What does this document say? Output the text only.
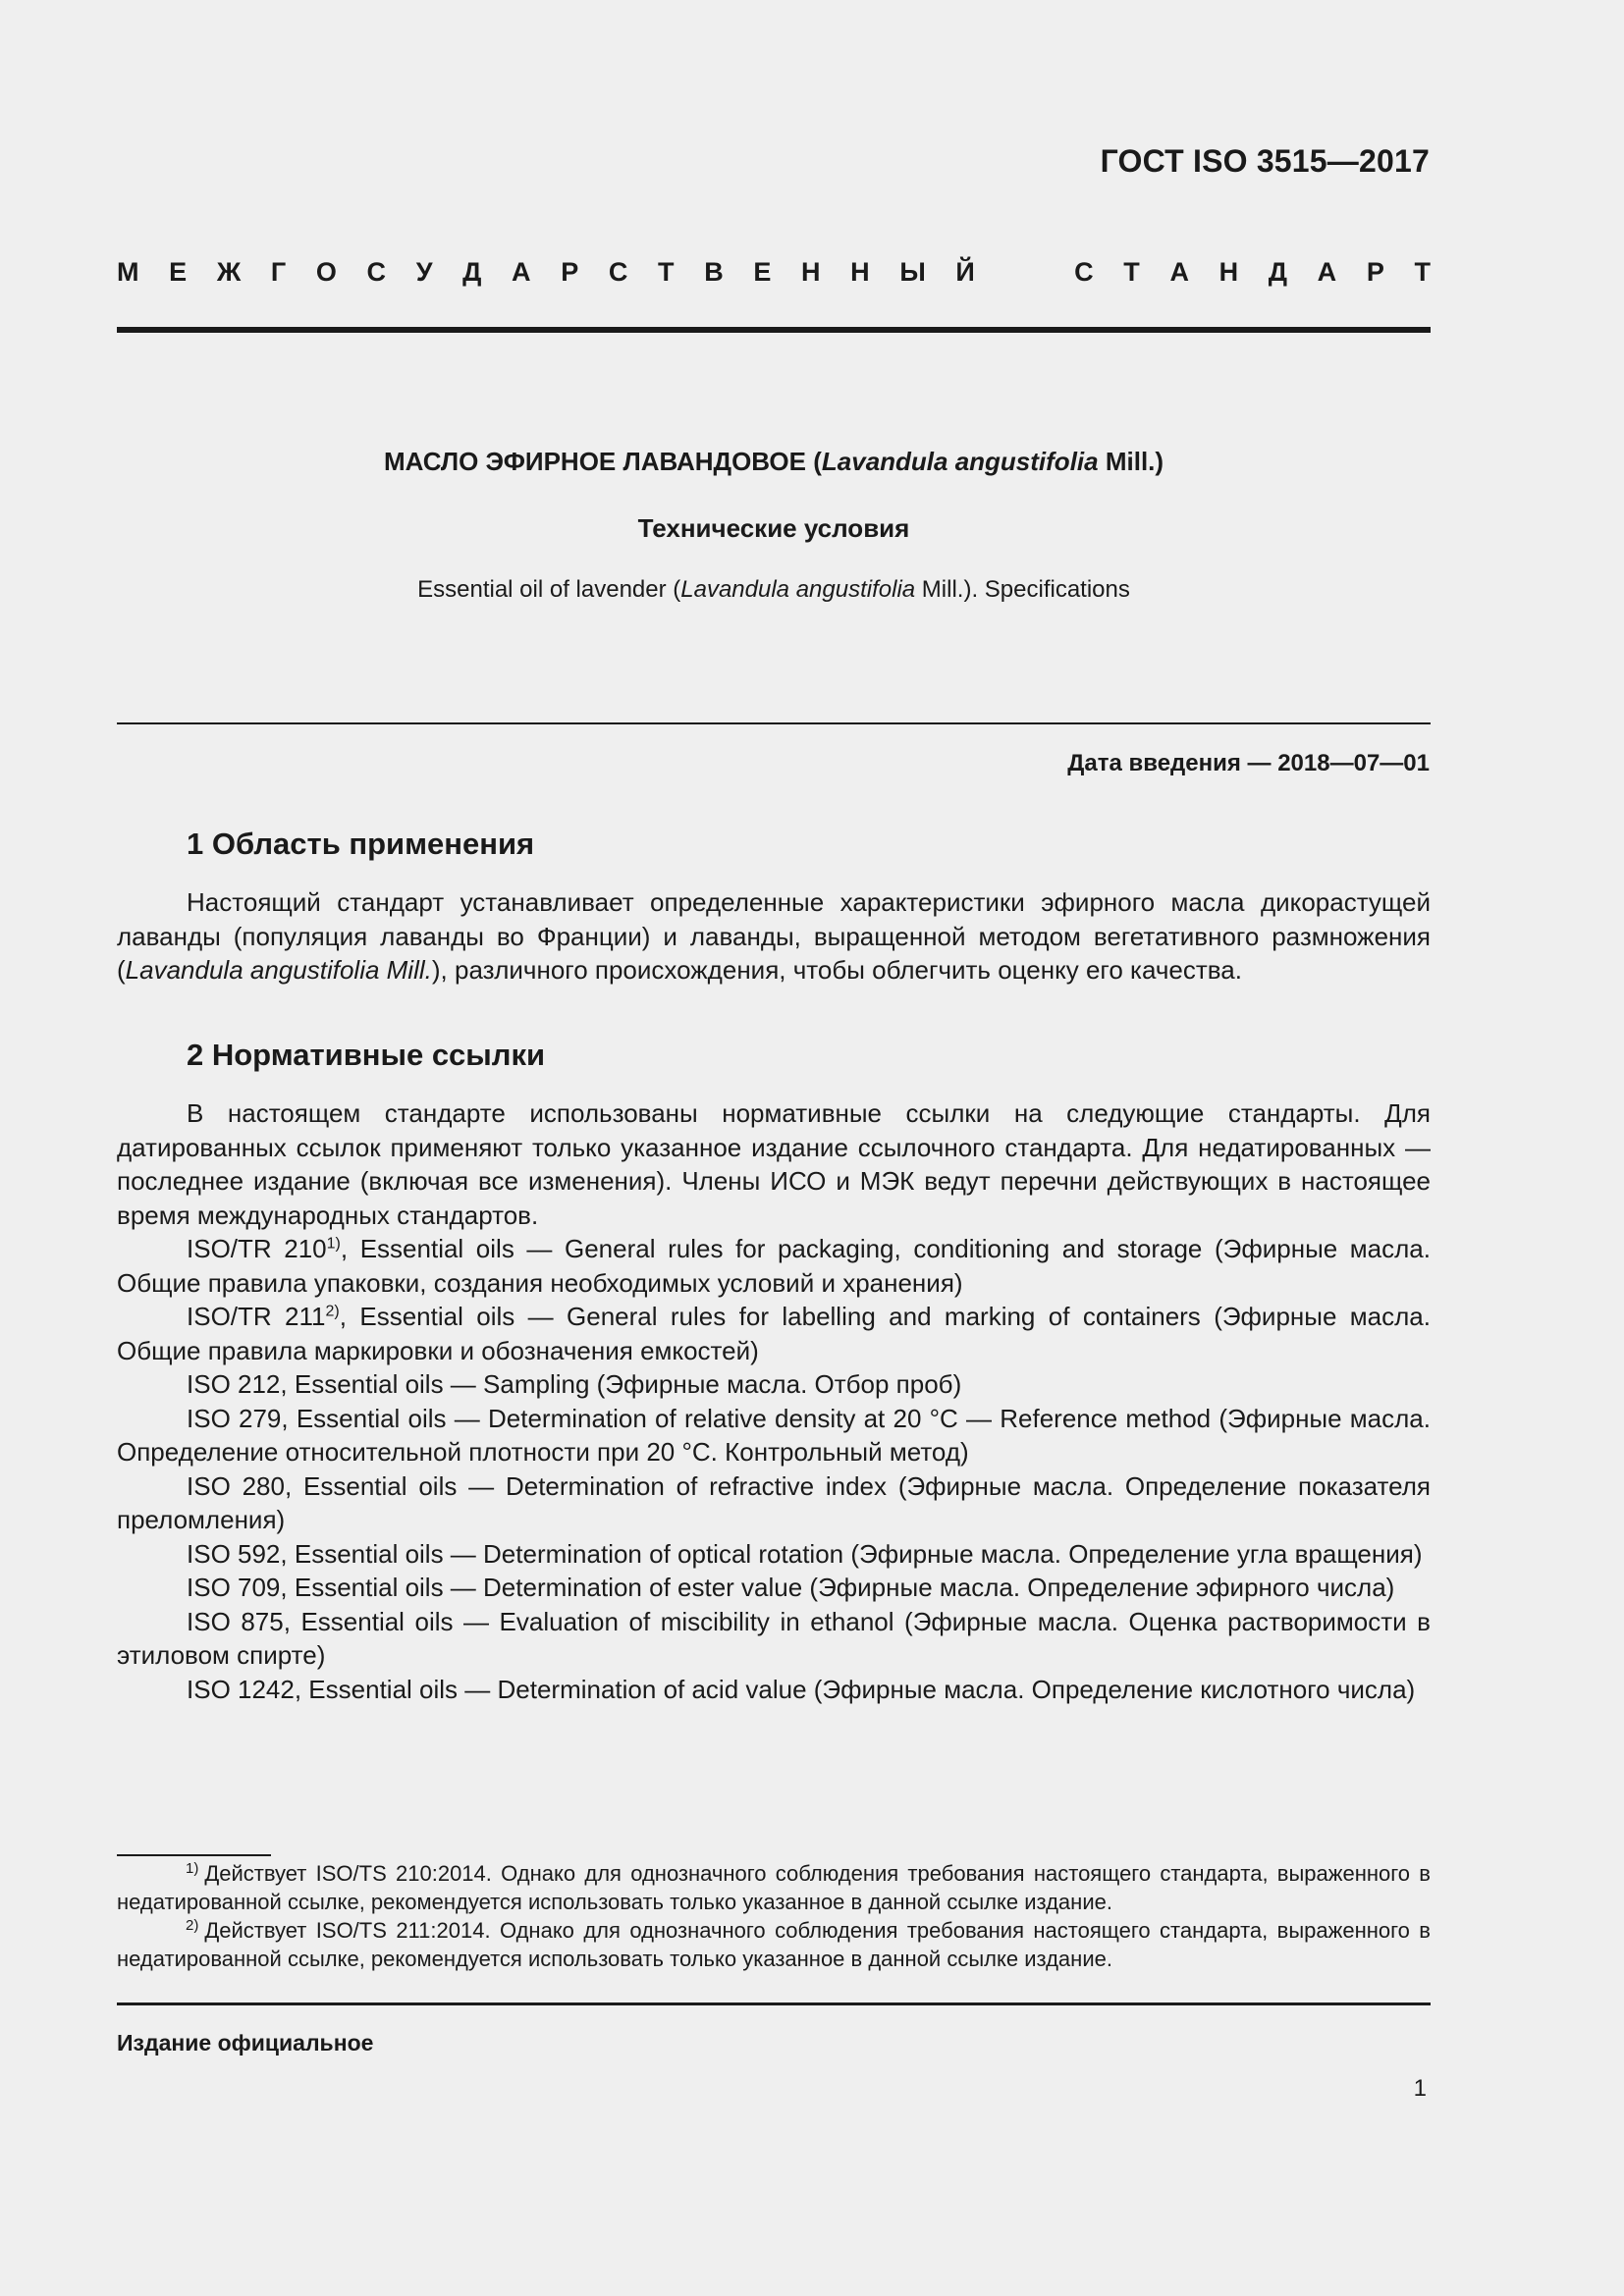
ГОСТ ISO 3515—2017
М Е Ж Г О С У Д А Р С Т В Е Н Н Ы Й	С Т А Н Д А Р Т
МАСЛО ЭФИРНОЕ ЛАВАНДОВОЕ (Lavandula angustifolia Mill.)
Технические условия
Essential oil of lavender (Lavandula angustifolia Mill.). Specifications
Дата введения — 2018—07—01
1 Область применения

Настоящий стандарт устанавливает определенные характеристики эфирного масла дикорастущей лаванды (популяция лаванды во Франции) и лаванды, выращенной методом вегетативного размножения (Lavandula angustifolia Mill.), различного происхождения, чтобы облегчить оценку его качества.

2 Нормативные ссылки

В настоящем стандарте использованы нормативные ссылки на следующие стандарты. Для датированных ссылок применяют только указанное издание ссылочного стандарта. Для недатированных — последнее издание (включая все изменения). Члены ИСО и МЭК ведут перечни действующих в настоящее время международных стандартов.

ISO/TR 210$^{1)}$, Essential oils — General rules for packaging, conditioning and storage (Эфирные масла. Общие правила упаковки, создания необходимых условий и хранения)

ISO/TR 211$^{2)}$, Essential oils — General rules for labelling and marking of containers (Эфирные масла. Общие правила маркировки и обозначения емкостей)

ISO 212, Essential oils — Sampling (Эфирные масла. Отбор проб)

ISO 279, Essential oils — Determination of relative density at 20 °C — Reference method (Эфирные масла. Определение относительной плотности при 20 °C. Контрольный метод)

ISO 280, Essential oils — Determination of refractive index (Эфирные масла. Определение показателя преломления)

ISO 592, Essential oils — Determination of optical rotation (Эфирные масла. Определение угла вращения)

ISO 709, Essential oils — Determination of ester value (Эфирные масла. Определение эфирного числа)

ISO 875, Essential oils — Evaluation of miscibility in ethanol (Эфирные масла. Оценка растворимости в этиловом спирте)

ISO 1242, Essential oils — Determination of acid value (Эфирные масла. Определение кислотного числа)

$^{1)}$ Действует ISO/TS 210:2014. Однако для однозначного соблюдения требования настоящего стандарта, выраженного в недатированной ссылке, рекомендуется использовать только указанное в данной ссылке издание.

$^{2)}$ Действует ISO/TS 211:2014. Однако для однозначного соблюдения требования настоящего стандарта, выраженного в недатированной ссылке, рекомендуется использовать только указанное в данной ссылке издание.

Издание официальное
1
